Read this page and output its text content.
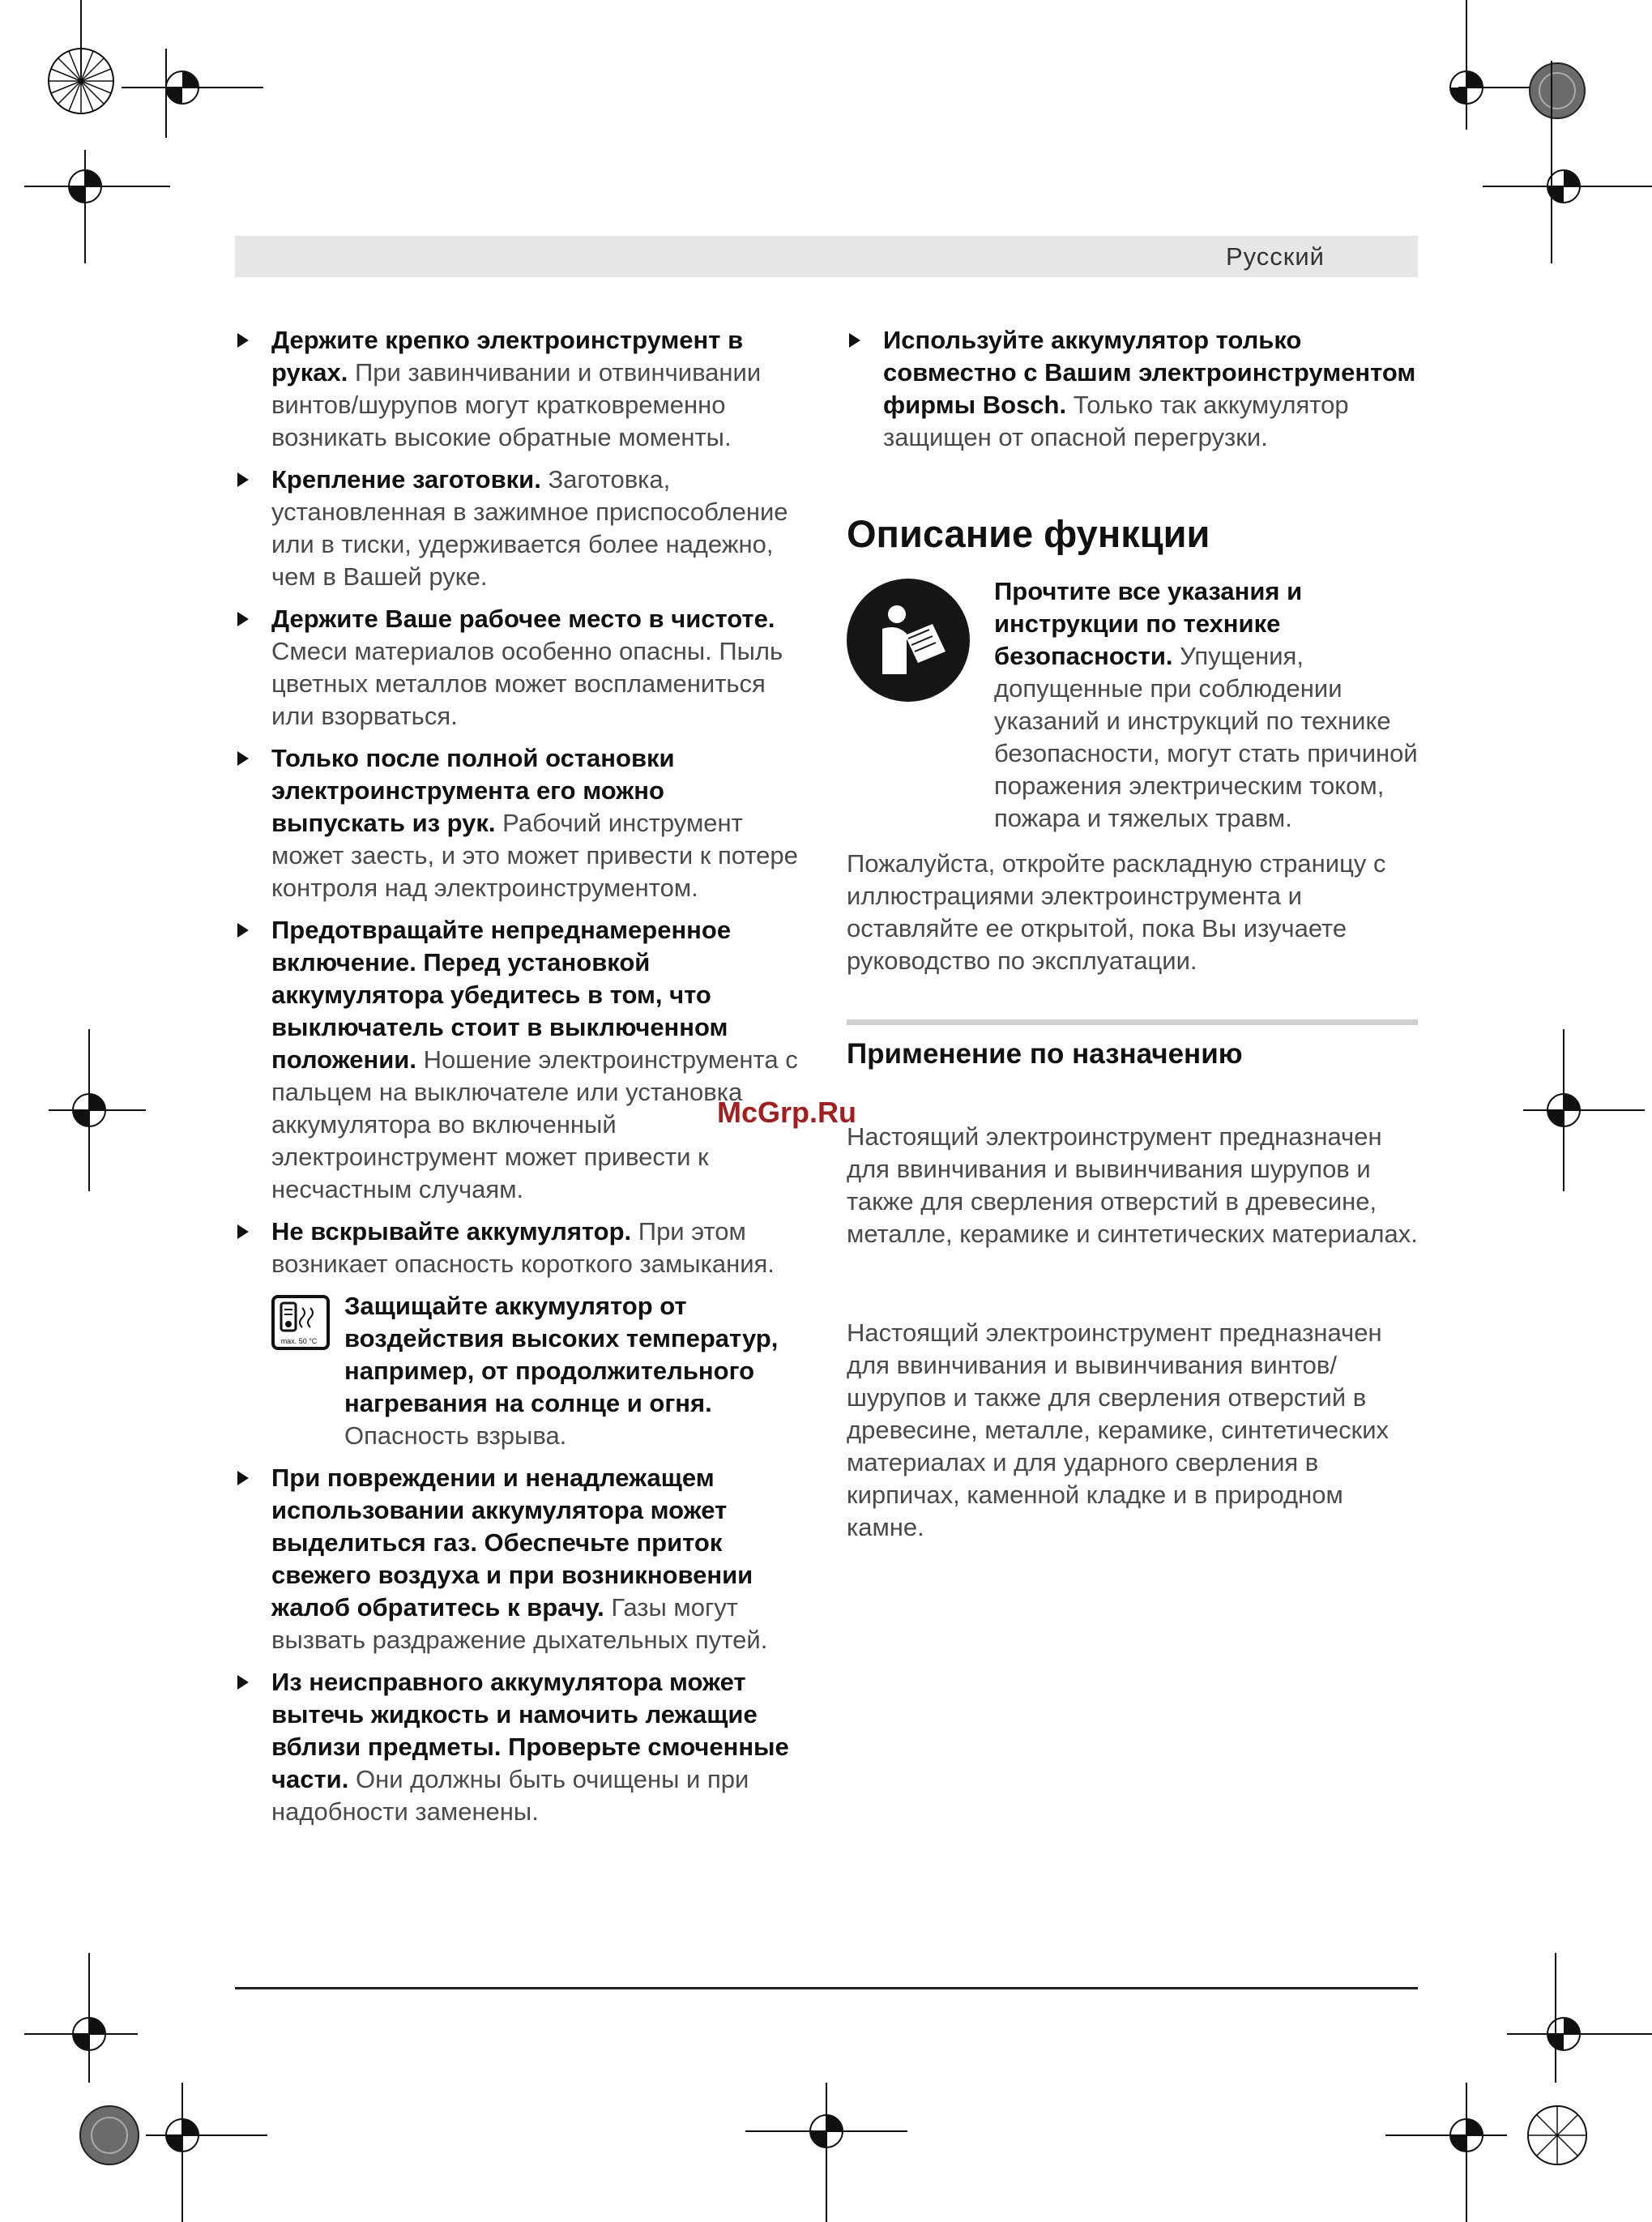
Русский
Держите крепко электроинструмент в руках. При завинчивании и отвинчивании винтов/шурупов могут кратковременно возникать высокие обратные моменты.
Крепление заготовки. Заготовка, установленная в зажимное приспособление или в тиски, удерживается более надежно, чем в Вашей руке.
Держите Ваше рабочее место в чистоте. Смеси материалов особенно опасны. Пыль цветных металлов может воспламениться или взорваться.
Только после полной остановки электроинструмента его можно выпускать из рук. Рабочий инструмент может заесть, и это может привести к потере контроля над электроинструментом.
Предотвращайте непреднамеренное включение. Перед установкой аккумулятора убедитесь в том, что выключатель стоит в выключенном положении. Ношение электроинструмента с пальцем на выключателе или установка аккумулятора во включенный электроинструмент может привести к несчастным случаям.
Не вскрывайте аккумулятор. При этом возникает опасность короткого замыкания.
max. 50 °C
Защищайте аккумулятор от воздействия высоких температур, например, от продолжительного нагревания на солнце и огня. Опасность взрыва.
При повреждении и ненадлежащем использовании аккумулятора может выделиться газ. Обеспечьте приток свежего воздуха и при возникновении жалоб обратитесь к врачу. Газы могут вызвать раздражение дыхательных путей.
Из неисправного аккумулятора может вытечь жидкость и намочить лежащие вблизи предметы. Проверьте смоченные части. Они должны быть очищены и при надобности заменены.
Используйте аккумулятор только совместно с Вашим электроинструментом фирмы Bosch. Только так аккумулятор защищен от опасной перегрузки.
Описание функции
Прочтите все указания и инструкции по технике безопасности. Упущения, допущенные при соблюдении указаний и инструкций по технике безопасности, могут стать причиной поражения электрическим током, пожара и тяжелых травм.
Пожалуйста, откройте раскладную страницу с иллюстрациями электроинструмента и оставляйте ее открытой, пока Вы изучаете руководство по эксплуатации.
Применение по назначению
Настоящий электроинструмент предназначен для ввинчивания и вывинчивания шурупов и также для сверления отверстий в древесине, металле, керамике и синтетических материалах.
Настоящий электроинструмент предназначен для ввинчивания и вывинчивания винтов/шурупов и также для сверления отверстий в древесине, металле, керамике, синтетических материалах и для ударного сверления в кирпичах, каменной кладке и в природном камне.
McGrp.Ru
